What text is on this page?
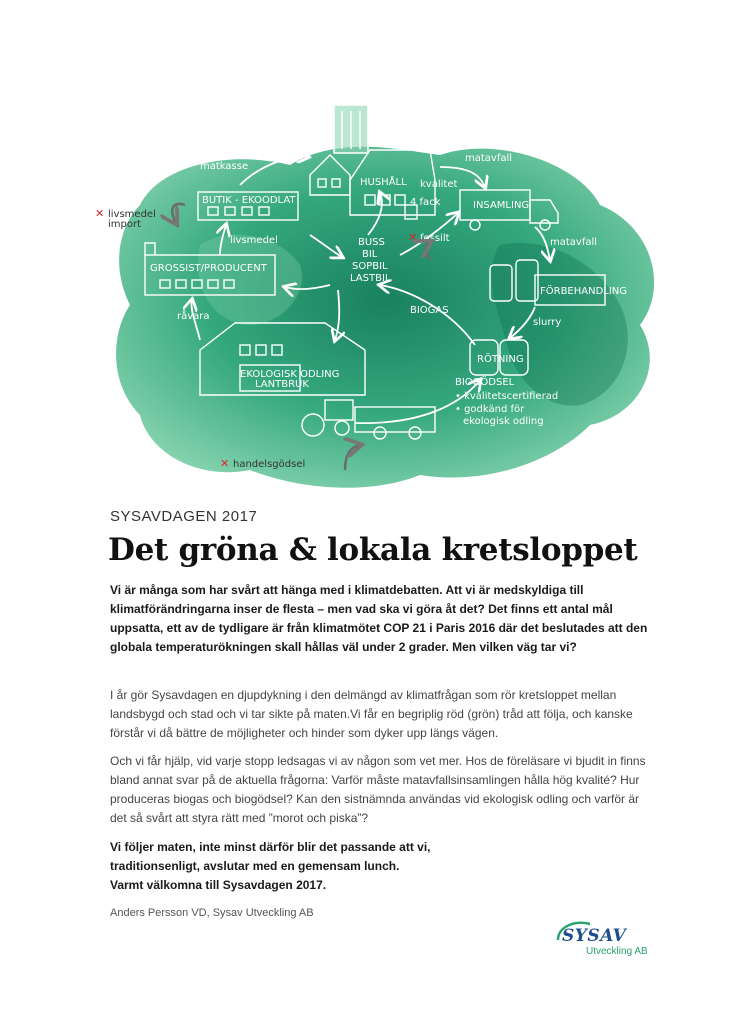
HUSHÅLL
4 fack
matkasse
matavfall
kvalitet
INSAMLING
matavfall
FÖRBEHANDLING
slurry
RÖTNING
BIOGAS
BUTIK - EKOODLAT
livsmedel
✕ livsmedel
import
GROSSIST/PRODUCENT
råvara
BUSS
BIL
SOPBIL
LASTBIL
✕ fossilt
EKOLOGISK ODLING
LANTBRUK	BIOGÖDSEL
• kvalitetscertifierad
• godkänd för
ekologisk odling
✕ handelsgödsel
SYSAVDAGEN 2017
Det gröna & lokala kretsloppet

Vi är många som har svårt att hänga med i klimatdebatten. Att vi är medskyldiga till klimatförändringarna inser de flesta – men vad ska vi göra åt det? Det finns ett antal mål uppsatta, ett av de tydligare är från klimatmötet COP 21 i Paris 2016 där det beslutades att den globala temperaturökningen skall hållas väl under 2 grader. Men vilken väg tar vi?

I år gör Sysavdagen en djupdykning i den delmängd av klimatfrågan som rör kretsloppet mellan landsbygd och stad och vi tar sikte på maten.Vi får en begriplig röd (grön) tråd att följa, och kanske förstår vi då bättre de möjligheter och hinder som dyker upp längs vägen.

Och vi får hjälp, vid varje stopp ledsagas vi av någon som vet mer. Hos de föreläsare vi bjudit in finns bland annat svar på de aktuella frågorna: Varför måste matavfallsinsamlingen hålla hög kvalité? Hur produceras biogas och biogödsel? Kan den sistnämnda användas vid ekologisk odling och varför är det så svårt att styra rätt med ”morot och piska”?

Vi följer maten, inte minst därför blir det passande att vi,
traditionsenligt, avslutar med en gemensam lunch.
Varmt välkomna till Sysavdagen 2017.
Anders Persson VD, Sysav Utveckling AB
SYSAV
Utveckling AB
